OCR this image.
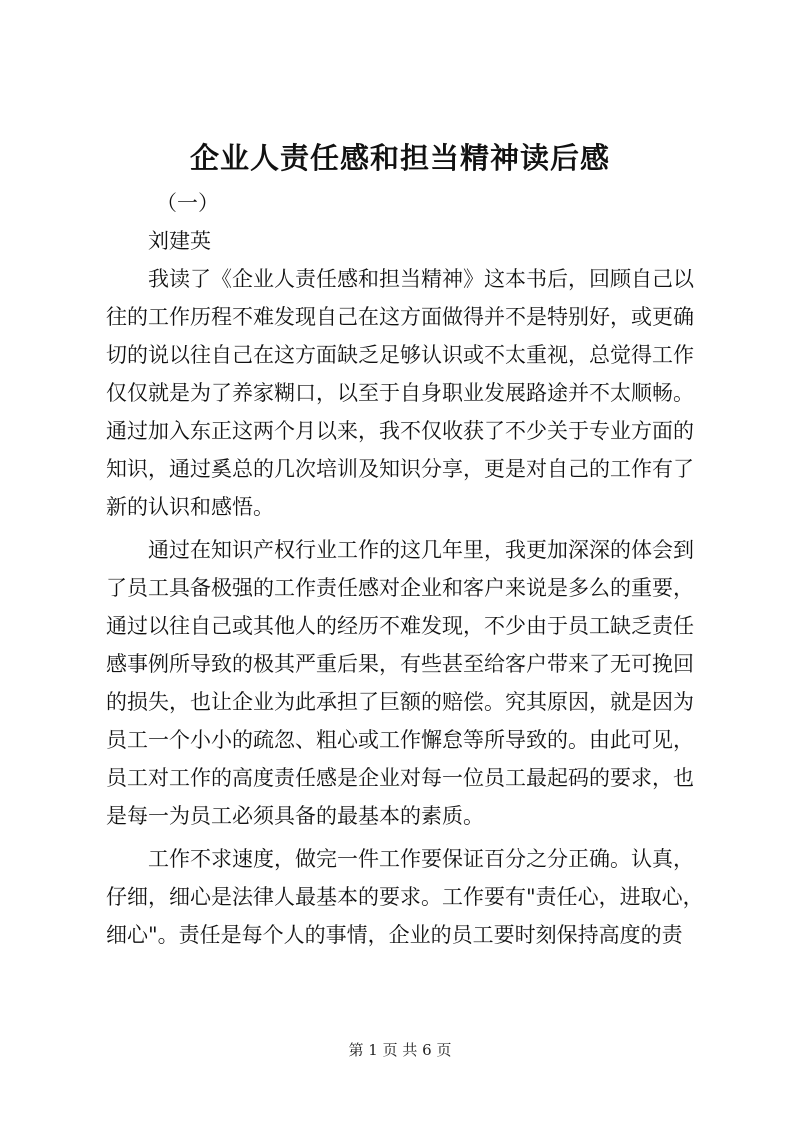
企业人责任感和担当精神读后感
（一）
刘建英
我读了《企业人责任感和担当精神》这本书后，回顾自己以
往的工作历程不难发现自己在这方面做得并不是特别好，或更确
切的说以往自己在这方面缺乏足够认识或不太重视，总觉得工作
仅仅就是为了养家糊口，以至于自身职业发展路途并不太顺畅。
通过加入东正这两个月以来，我不仅收获了不少关于专业方面的
知识，通过奚总的几次培训及知识分享，更是对自己的工作有了
新的认识和感悟。
通过在知识产权行业工作的这几年里，我更加深深的体会到
了员工具备极强的工作责任感对企业和客户来说是多么的重要，
通过以往自己或其他人的经历不难发现，不少由于员工缺乏责任
感事例所导致的极其严重后果，有些甚至给客户带来了无可挽回
的损失，也让企业为此承担了巨额的赔偿。究其原因，就是因为
员工一个小小的疏忽、粗心或工作懈怠等所导致的。由此可见，
员工对工作的高度责任感是企业对每一位员工最起码的要求，也
是每一为员工必须具备的最基本的素质。
工作不求速度，做完一件工作要保证百分之分正确。认真，
仔细，细心是法律人最基本的要求。工作要有"责任心，进取心，
细心"。责任是每个人的事情，企业的员工要时刻保持高度的责
第 1 页 共 6 页
